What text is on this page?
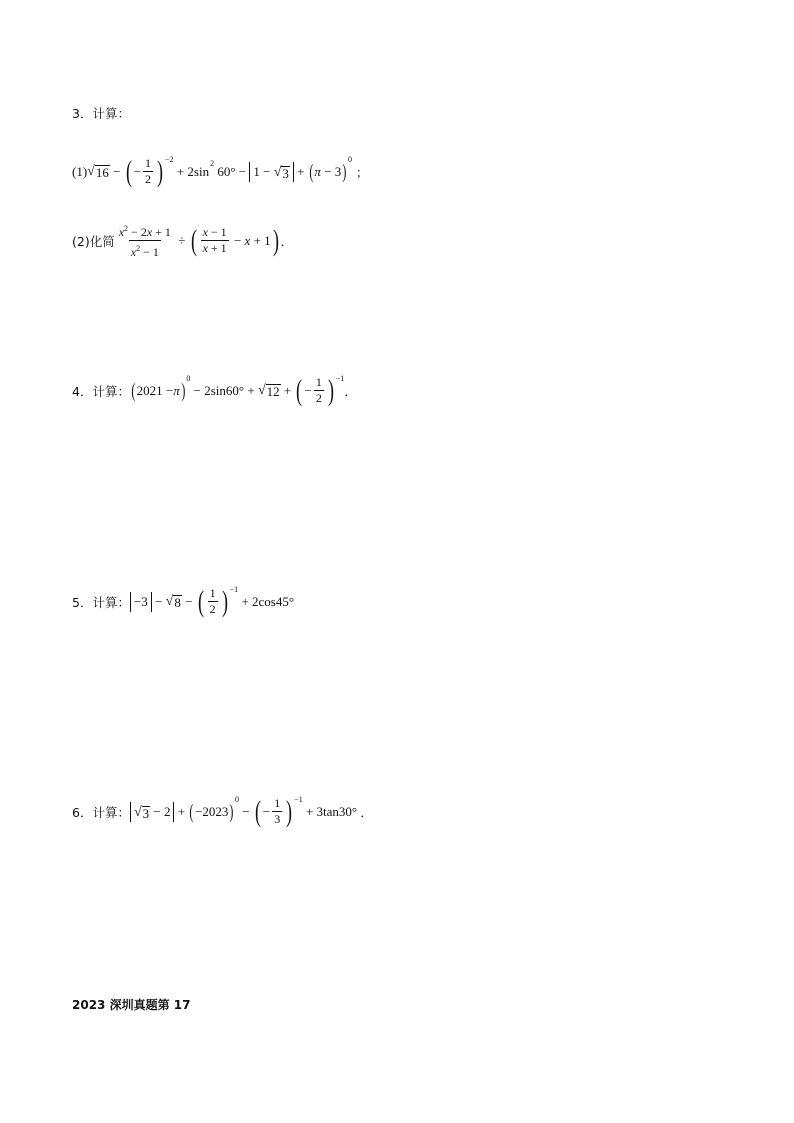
3．计算：
(1) √ 16 − ( − $\frac{1}{2}$ ) −2
+ 2sin 2 60° − 1 − √ 3 + ( π − 3 )
0
；
(2)化简 $\frac{x^2 - 2x + 1}{x^2 - 1}$ ÷ ( $\frac{x - 1}{x + 1} - x + 1$ ) ．
4．计算： ( 2021 − π )
0
− 2sin60° + √ 12 + ( − $\frac{1}{2}$ ) −1
．
5．计算： −3 − √ 8 − ( $\frac{1}{2}$ ) −1
+ 2cos45°
6．计算： √ 3 − 2 + ( −2023 )
0
− ( − $\frac{1}{3}$ ) −1
+ 3tan30° ．
2023 深圳真题第 17
